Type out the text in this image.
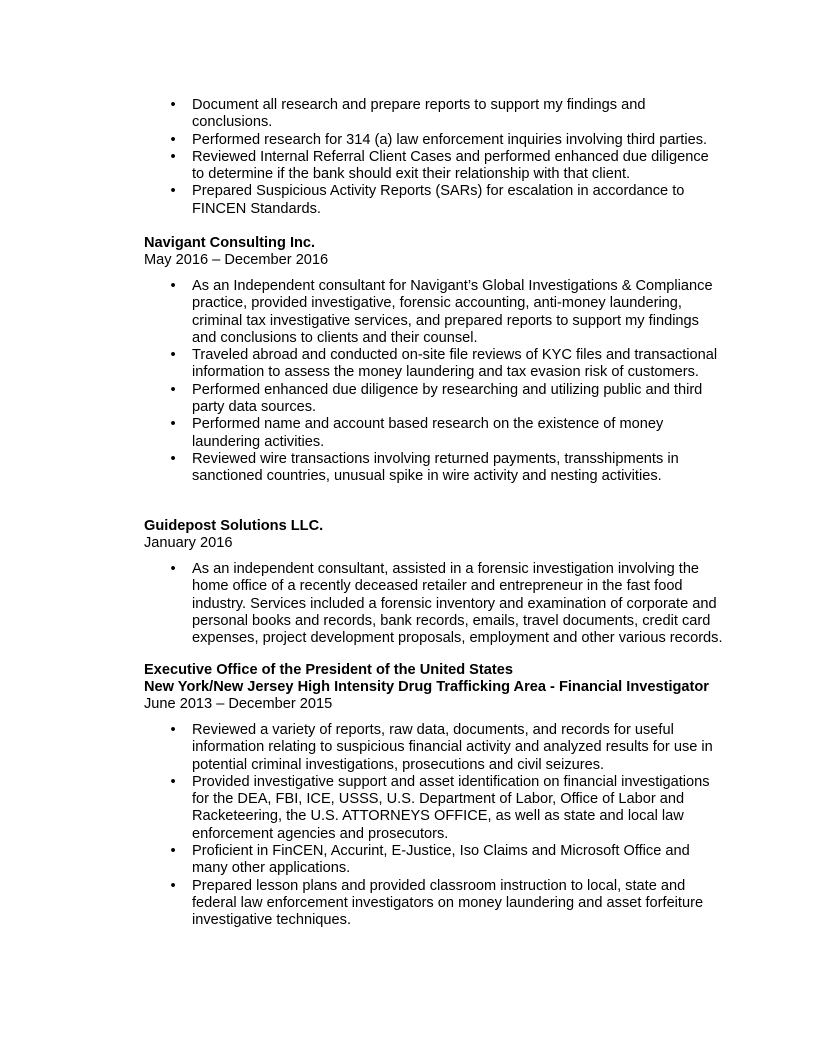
• Document all research and prepare reports to support my findings and conclusions.
• Performed research for 314 (a) law enforcement inquiries involving third parties.
• Reviewed Internal Referral Client Cases and performed enhanced due diligence to determine if the bank should exit their relationship with that client.
• Prepared Suspicious Activity Reports (SARs) for escalation in accordance to FINCEN Standards.
Navigant Consulting Inc.
May 2016 – December 2016
• As an Independent consultant for Navigant’s Global Investigations & Compliance practice, provided investigative, forensic accounting, anti-money laundering, criminal tax investigative services, and prepared reports to support my findings and conclusions to clients and their counsel.
• Traveled abroad and conducted on-site file reviews of KYC files and transactional information to assess the money laundering and tax evasion risk of customers.
• Performed enhanced due diligence by researching and utilizing public and third party data sources.
• Performed name and account based research on the existence of money laundering activities.
• Reviewed wire transactions involving returned payments, transshipments in sanctioned countries, unusual spike in wire activity and nesting activities.
Guidepost Solutions LLC.
January 2016
• As an independent consultant, assisted in a forensic investigation involving the home office of a recently deceased retailer and entrepreneur in the fast food industry. Services included a forensic inventory and examination of corporate and personal books and records, bank records, emails, travel documents, credit card expenses, project development proposals, employment and other various records.
Executive Office of the President of the United States
New York/New Jersey High Intensity Drug Trafficking Area - Financial Investigator
June 2013 – December 2015
• Reviewed a variety of reports, raw data, documents, and records for useful information relating to suspicious financial activity and analyzed results for use in potential criminal investigations, prosecutions and civil seizures.
• Provided investigative support and asset identification on financial investigations for the DEA, FBI, ICE, USSS, U.S. Department of Labor, Office of Labor and Racketeering, the U.S. ATTORNEYS OFFICE, as well as state and local law enforcement agencies and prosecutors.
• Proficient in FinCEN, Accurint, E-Justice, Iso Claims and Microsoft Office and many other applications.
• Prepared lesson plans and provided classroom instruction to local, state and federal law enforcement investigators on money laundering and asset forfeiture investigative techniques.
